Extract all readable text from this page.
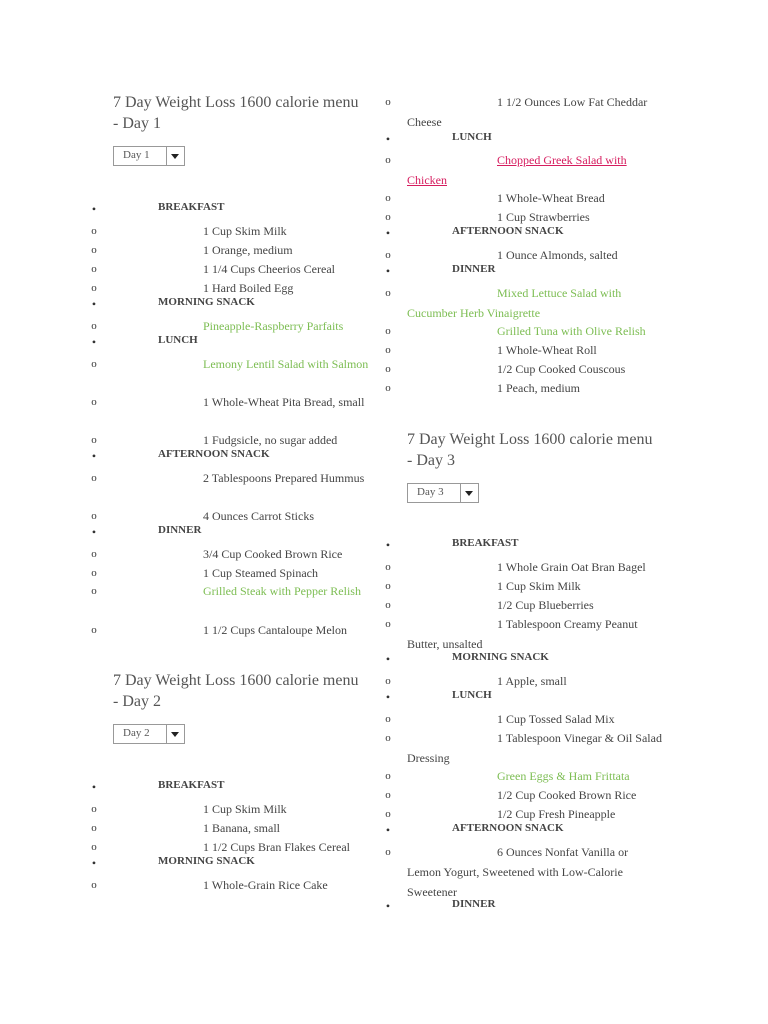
7 Day Weight Loss 1600 calorie menu - Day 1
Day 1
•	BREAKFAST
o	1 Cup Skim Milk
o	1 Orange, medium
o	1 1/4 Cups Cheerios Cereal
o	1 Hard Boiled Egg
•	MORNING SNACK
o	Pineapple-Raspberry Parfaits
•	LUNCH
o	Lemony Lentil Salad with Salmon
o	1 Whole-Wheat Pita Bread, small
o	1 Fudgsicle, no sugar added
•	AFTERNOON SNACK
o	2 Tablespoons Prepared Hummus
o	4 Ounces Carrot Sticks
•	DINNER
o	3/4 Cup Cooked Brown Rice
o	1 Cup Steamed Spinach
o	Grilled Steak with Pepper Relish
o	1 1/2 Cups Cantaloupe Melon
7 Day Weight Loss 1600 calorie menu - Day 2
Day 2
•	BREAKFAST
o	1 Cup Skim Milk
o	1 Banana, small
o	1 1/2 Cups Bran Flakes Cereal
•	MORNING SNACK
o	1 Whole-Grain Rice Cake
o	1 1/2 Ounces Low Fat Cheddar Cheese
•	LUNCH
o	Chopped Greek Salad with Chicken
o	1 Whole-Wheat Bread
o	1 Cup Strawberries
•	AFTERNOON SNACK
o	1 Ounce Almonds, salted
•	DINNER
o	Mixed Lettuce Salad with Cucumber Herb Vinaigrette
o	Grilled Tuna with Olive Relish
o	1 Whole-Wheat Roll
o	1/2 Cup Cooked Couscous
o	1 Peach, medium
7 Day Weight Loss 1600 calorie menu - Day 3
Day 3
•	BREAKFAST
o	1 Whole Grain Oat Bran Bagel
o	1 Cup Skim Milk
o	1/2 Cup Blueberries
o	1 Tablespoon Creamy Peanut Butter, unsalted
•	MORNING SNACK
o	1 Apple, small
•	LUNCH
o	1 Cup Tossed Salad Mix
o	1 Tablespoon Vinegar & Oil Salad Dressing
o	Green Eggs & Ham Frittata
o	1/2 Cup Cooked Brown Rice
o	1/2 Cup Fresh Pineapple
•	AFTERNOON SNACK
o	6 Ounces Nonfat Vanilla or Lemon Yogurt, Sweetened with Low-Calorie Sweetener
•	DINNER
